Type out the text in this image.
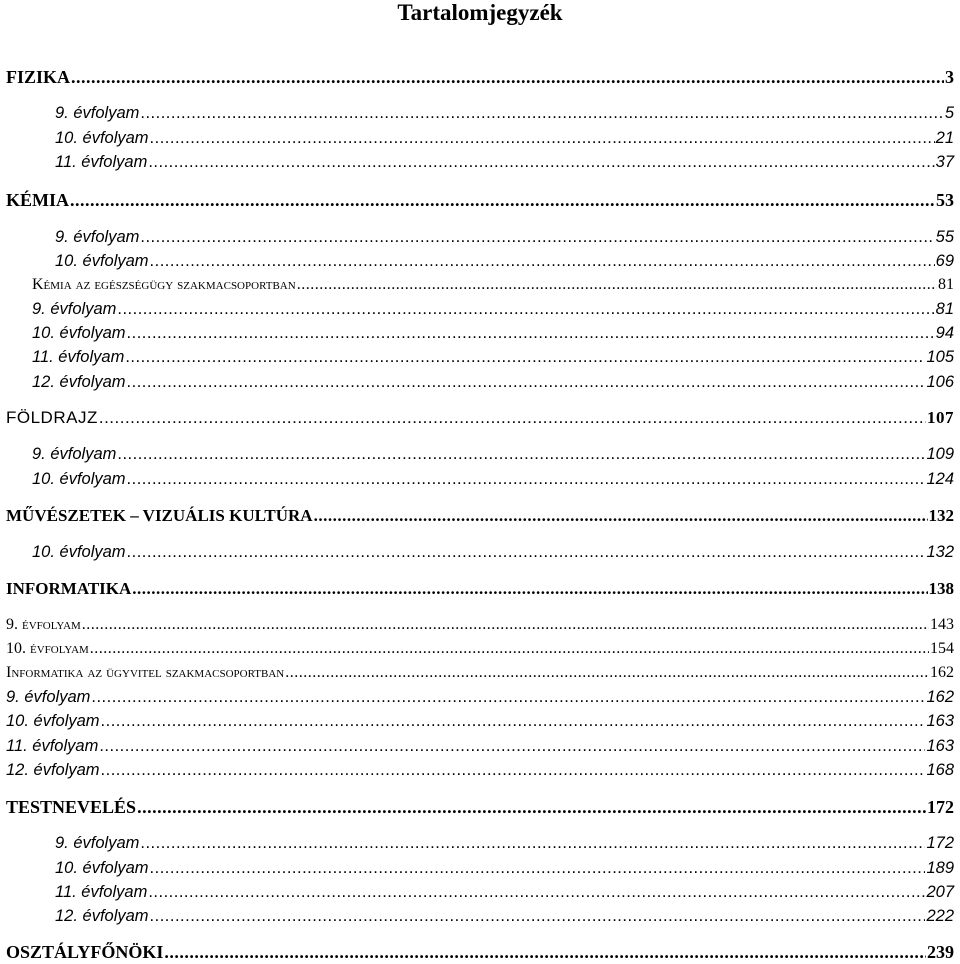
Tartalomjegyzék
FIZIKA .....	3
9. évfolyam .....	5
10. évfolyam .....	21
11. évfolyam .....	37
KÉMIA .....	53
9. évfolyam .....	55
10. évfolyam .....	69
Kémia az egészségügy szakmacsoportban .....	81
9. évfolyam .....	81
10. évfolyam .....	94
11. évfolyam .....	105
12. évfolyam .....	106
FÖLDRAJZ .....	107
9. évfolyam .....	109
10. évfolyam .....	124
MŰVÉSZETEK – VIZUÁLIS KULTÚRA .....	132
10. évfolyam .....	132
INFORMATIKA .....	138
9. évfolyam .....	143
10. évfolyam .....	154
Informatika az ügyvitel szakmacsoportban .....	162
9. évfolyam .....	162
10. évfolyam .....	163
11. évfolyam .....	163
12. évfolyam .....	168
TESTNEVELÉS .....	172
9. évfolyam .....	172
10. évfolyam .....	189
11. évfolyam .....	207
12. évfolyam .....	222
OSZTÁLYFŐNÖKI .....	239
